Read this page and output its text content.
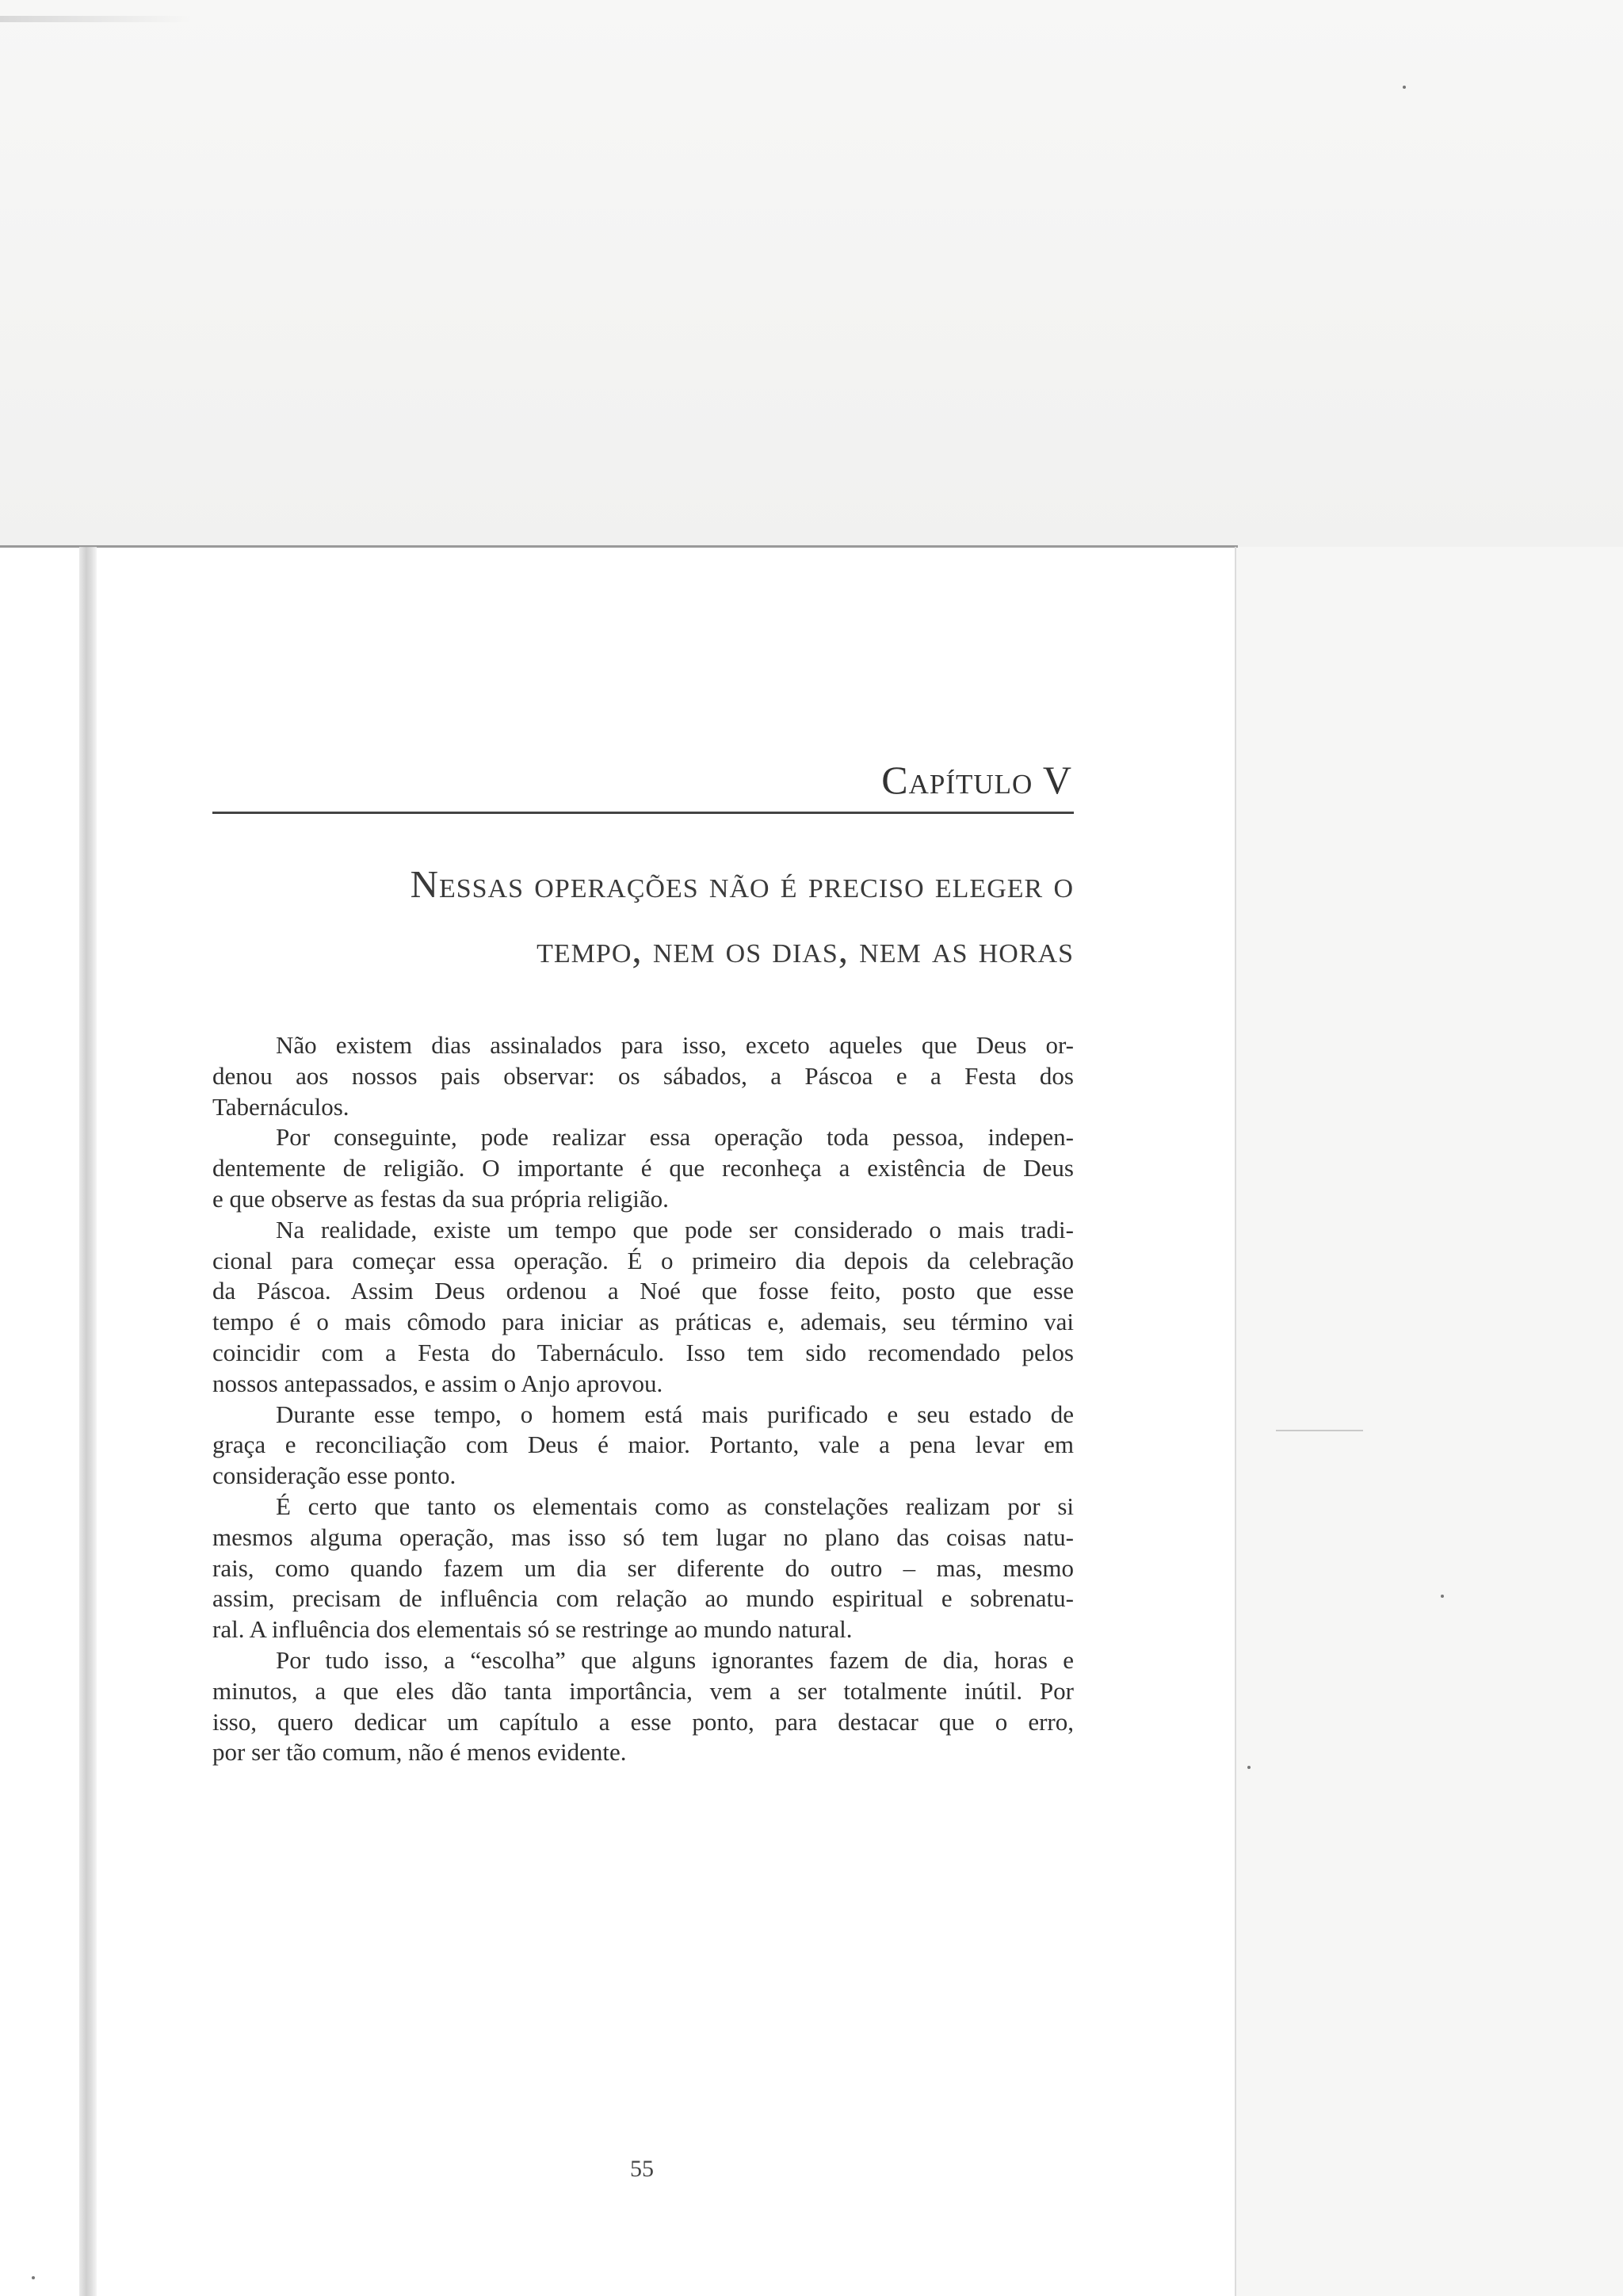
Capítulo V
Nessas operações não é preciso eleger o
tempo, nem os dias, nem as horas

Não existem dias assinalados para isso, exceto aqueles que Deus or-
denou aos nossos pais observar: os sábados, a Páscoa e a Festa dos
Tabernáculos.

Por conseguinte, pode realizar essa operação toda pessoa, indepen-
dentemente de religião. O importante é que reconheça a existência de Deus
e que observe as festas da sua própria religião.

Na realidade, existe um tempo que pode ser considerado o mais tradi-
cional para começar essa operação. É o primeiro dia depois da celebração
da Páscoa. Assim Deus ordenou a Noé que fosse feito, posto que esse
tempo é o mais cômodo para iniciar as práticas e, ademais, seu término vai
coincidir com a Festa do Tabernáculo. Isso tem sido recomendado pelos
nossos antepassados, e assim o Anjo aprovou.

Durante esse tempo, o homem está mais purificado e seu estado de
graça e reconciliação com Deus é maior. Portanto, vale a pena levar em
consideração esse ponto.

É certo que tanto os elementais como as constelações realizam por si
mesmos alguma operação, mas isso só tem lugar no plano das coisas natu-
rais, como quando fazem um dia ser diferente do outro – mas, mesmo
assim, precisam de influência com relação ao mundo espiritual e sobrenatu-
ral. A influência dos elementais só se restringe ao mundo natural.

Por tudo isso, a “escolha” que alguns ignorantes fazem de dia, horas e
minutos, a que eles dão tanta importância, vem a ser totalmente inútil. Por
isso, quero dedicar um capítulo a esse ponto, para destacar que o erro,
por ser tão comum, não é menos evidente.

55
